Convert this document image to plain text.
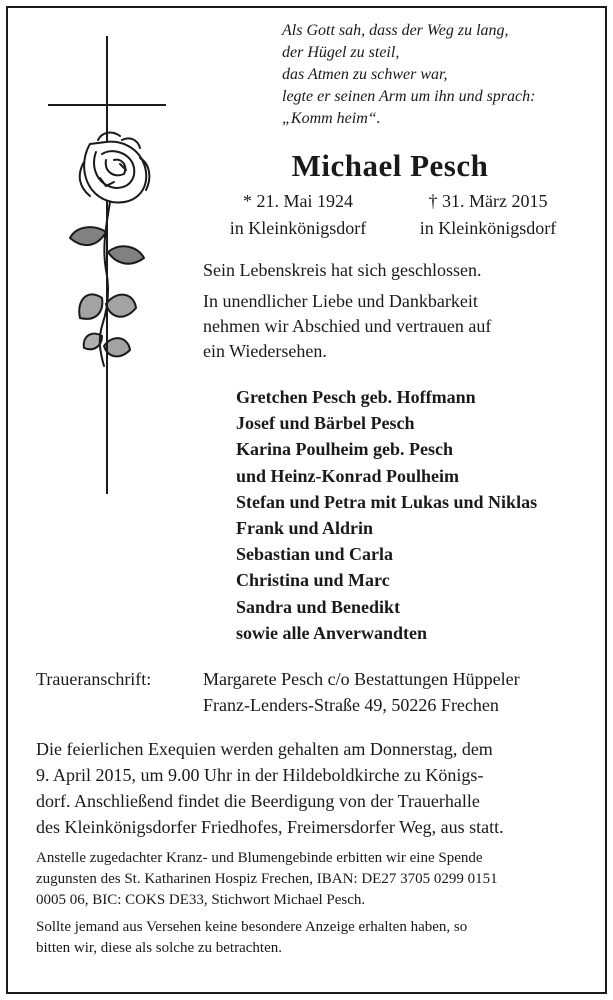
Als Gott sah, dass der Weg zu lang,
der Hügel zu steil,
das Atmen zu schwer war,
legte er seinen Arm um ihn und sprach:
„Komm heim“.
Michael Pesch
* 21. Mai 1924
in Kleinkönigsdorf
† 31. März 2015
in Kleinkönigsdorf
Sein Lebenskreis hat sich geschlossen.
In unendlicher Liebe und Dankbarkeit
nehmen wir Abschied und vertrauen auf
ein Wiedersehen.
Gretchen Pesch geb. Hoffmann
Josef und Bärbel Pesch
Karina Poulheim geb. Pesch
und Heinz-Konrad Poulheim
Stefan und Petra mit Lukas und Niklas
Frank und Aldrin
Sebastian und Carla
Christina und Marc
Sandra und Benedikt
sowie alle Anverwandten
Traueranschrift:	Margarete Pesch c/o Bestattungen Hüppeler
Franz-Lenders-Straße 49, 50226 Frechen
Die feierlichen Exequien werden gehalten am Donnerstag, dem
9. April 2015, um 9.00 Uhr in der Hildeboldkirche zu Königs-
dorf. Anschließend findet die Beerdigung von der Trauerhalle
des Kleinkönigsdorfer Friedhofes, Freimersdorfer Weg, aus statt.
Anstelle zugedachter Kranz- und Blumengebinde erbitten wir eine Spende
zugunsten des St. Katharinen Hospiz Frechen, IBAN: DE27 3705 0299 0151
0005 06, BIC: COKS DE33, Stichwort Michael Pesch.
Sollte jemand aus Versehen keine besondere Anzeige erhalten haben, so
bitten wir, diese als solche zu betrachten.
